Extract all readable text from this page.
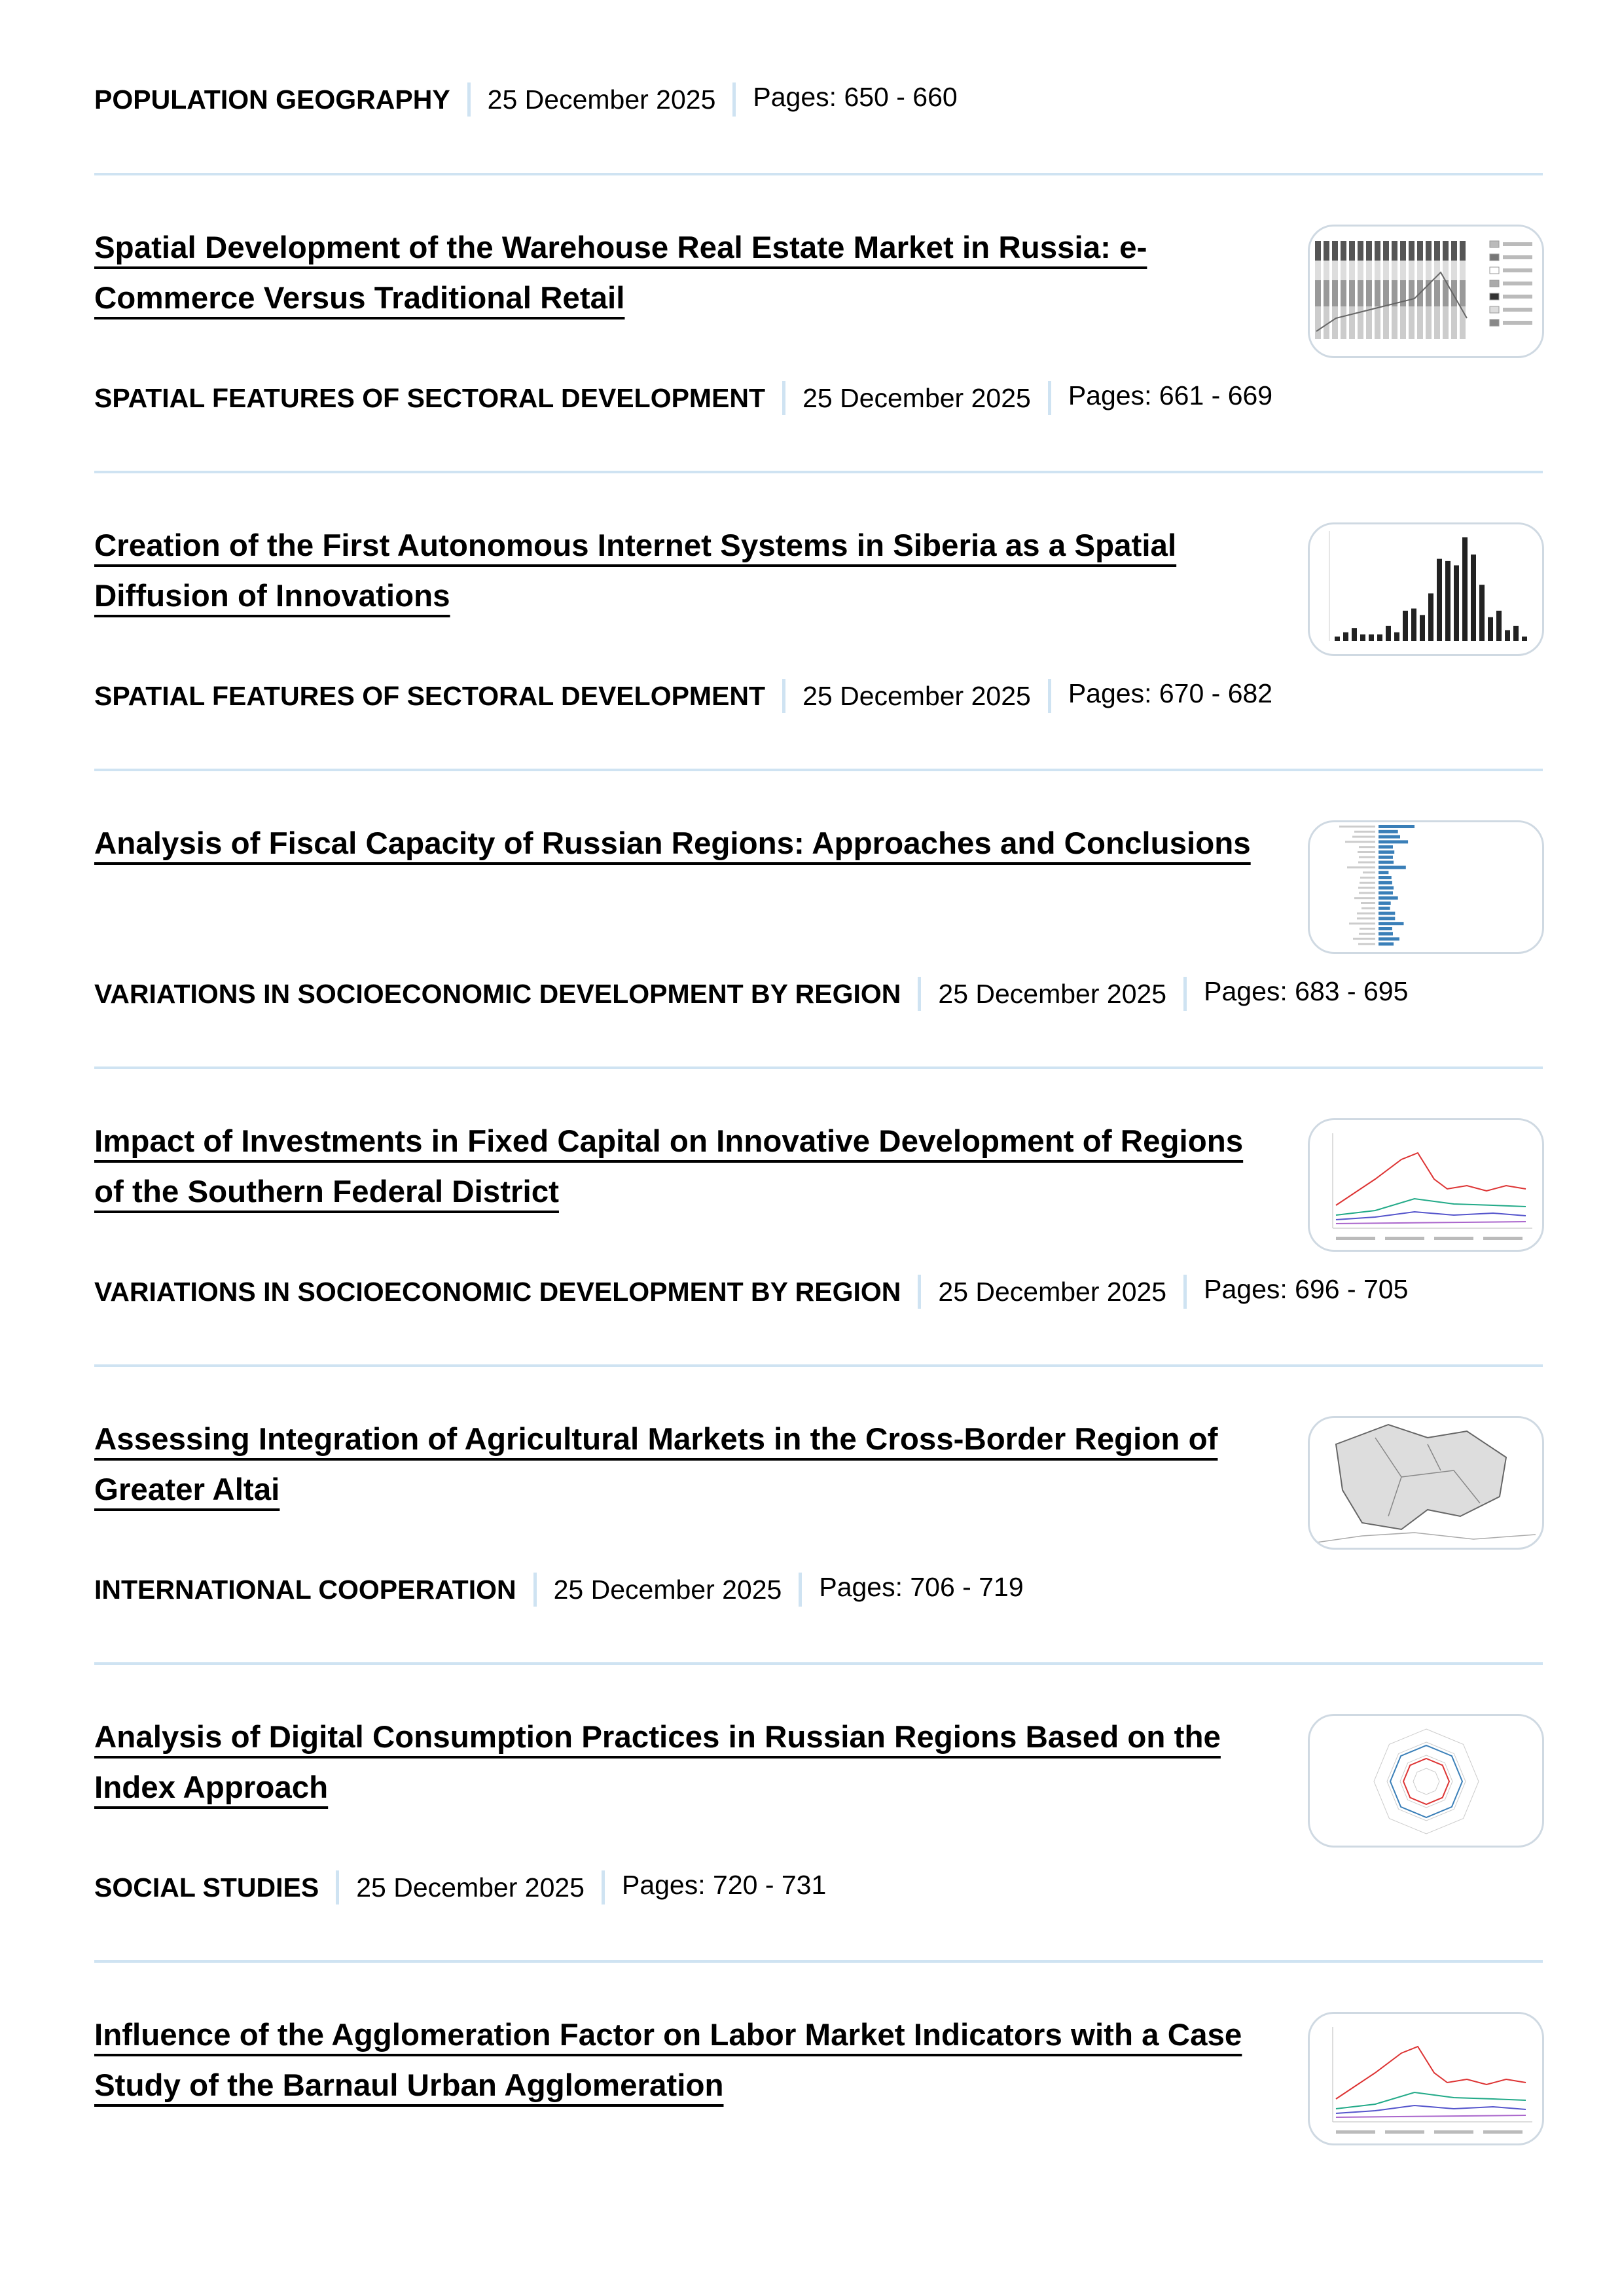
POPULATION GEOGRAPHY 25 December 2025 Pages: 650 - 660
Spatial Development of the Warehouse Real Estate Market in Russia: e-Commerce Versus Traditional Retail
SPATIAL FEATURES OF SECTORAL DEVELOPMENT 25 December 2025 Pages: 661 - 669
Creation of the First Autonomous Internet Systems in Siberia as a Spatial Diffusion of Innovations
SPATIAL FEATURES OF SECTORAL DEVELOPMENT 25 December 2025 Pages: 670 - 682
Analysis of Fiscal Capacity of Russian Regions: Approaches and Conclusions
VARIATIONS IN SOCIOECONOMIC DEVELOPMENT BY REGION 25 December 2025 Pages: 683 - 695
Impact of Investments in Fixed Capital on Innovative Development of Regions of the Southern Federal District
VARIATIONS IN SOCIOECONOMIC DEVELOPMENT BY REGION 25 December 2025 Pages: 696 - 705
Assessing Integration of Agricultural Markets in the Cross-Border Region of Greater Altai
INTERNATIONAL COOPERATION 25 December 2025 Pages: 706 - 719
Analysis of Digital Consumption Practices in Russian Regions Based on the Index Approach
SOCIAL STUDIES 25 December 2025 Pages: 720 - 731
Influence of the Agglomeration Factor on Labor Market Indicators with a Case Study of the Barnaul Urban Agglomeration
